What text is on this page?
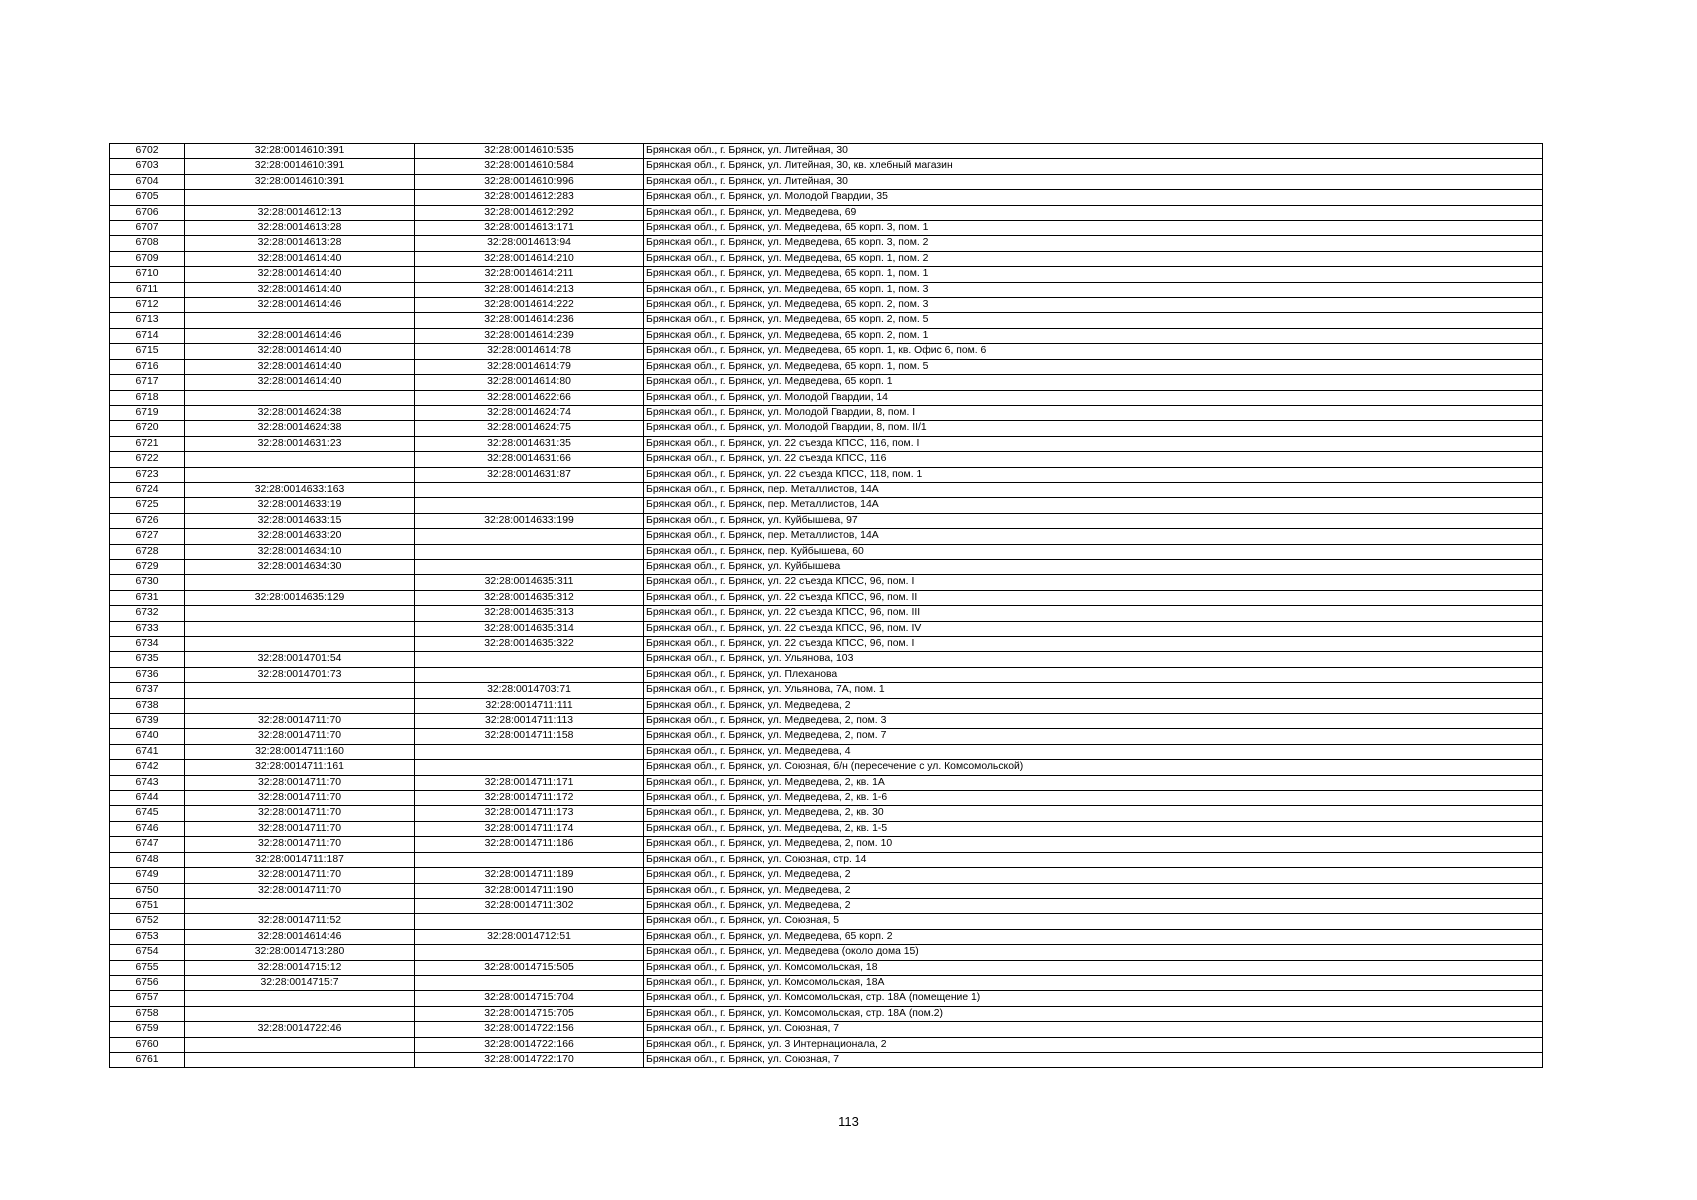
6702	32:28:0014610:391	32:28:0014610:535	Брянская обл., г. Брянск, ул. Литейная, 30
6703	32:28:0014610:391	32:28:0014610:584	Брянская обл., г. Брянск, ул. Литейная, 30, кв. хлебный магазин
6704	32:28:0014610:391	32:28:0014610:996	Брянская обл., г. Брянск, ул. Литейная, 30
6705		32:28:0014612:283	Брянская обл., г. Брянск, ул. Молодой Гвардии, 35
6706	32:28:0014612:13	32:28:0014612:292	Брянская обл., г. Брянск, ул. Медведева, 69
6707	32:28:0014613:28	32:28:0014613:171	Брянская обл., г. Брянск, ул. Медведева, 65 корп. 3, пом. 1
6708	32:28:0014613:28	32:28:0014613:94	Брянская обл., г. Брянск, ул. Медведева, 65 корп. 3, пом. 2
6709	32:28:0014614:40	32:28:0014614:210	Брянская обл., г. Брянск, ул. Медведева, 65 корп. 1, пом. 2
6710	32:28:0014614:40	32:28:0014614:211	Брянская обл., г. Брянск, ул. Медведева, 65 корп. 1, пом. 1
6711	32:28:0014614:40	32:28:0014614:213	Брянская обл., г. Брянск, ул. Медведева, 65 корп. 1, пом. 3
6712	32:28:0014614:46	32:28:0014614:222	Брянская обл., г. Брянск, ул. Медведева, 65 корп. 2, пом. 3
6713		32:28:0014614:236	Брянская обл., г. Брянск, ул. Медведева, 65 корп. 2, пом. 5
6714	32:28:0014614:46	32:28:0014614:239	Брянская обл., г. Брянск, ул. Медведева, 65 корп. 2, пом. 1
6715	32:28:0014614:40	32:28:0014614:78	Брянская обл., г. Брянск, ул. Медведева, 65 корп. 1, кв. Офис 6, пом. 6
6716	32:28:0014614:40	32:28:0014614:79	Брянская обл., г. Брянск, ул. Медведева, 65 корп. 1, пом. 5
6717	32:28:0014614:40	32:28:0014614:80	Брянская обл., г. Брянск, ул. Медведева, 65 корп. 1
6718		32:28:0014622:66	Брянская обл., г. Брянск, ул. Молодой Гвардии, 14
6719	32:28:0014624:38	32:28:0014624:74	Брянская обл., г. Брянск, ул. Молодой Гвардии, 8, пом. I
6720	32:28:0014624:38	32:28:0014624:75	Брянская обл., г. Брянск, ул. Молодой Гвардии, 8, пом. II/1
6721	32:28:0014631:23	32:28:0014631:35	Брянская обл., г. Брянск, ул. 22 съезда КПСС, 116, пом. I
6722		32:28:0014631:66	Брянская обл., г. Брянск, ул. 22 съезда КПСС, 116
6723		32:28:0014631:87	Брянская обл., г. Брянск, ул. 22 съезда КПСС, 118, пом. 1
6724	32:28:0014633:163		Брянская обл., г. Брянск, пер. Металлистов, 14А
6725	32:28:0014633:19		Брянская обл., г. Брянск, пер. Металлистов, 14А
6726	32:28:0014633:15	32:28:0014633:199	Брянская обл., г. Брянск, ул. Куйбышева, 97
6727	32:28:0014633:20		Брянская обл., г. Брянск, пер. Металлистов, 14А
6728	32:28:0014634:10		Брянская обл., г. Брянск, пер. Куйбышева, 60
6729	32:28:0014634:30		Брянская обл., г. Брянск, ул. Куйбышева
6730		32:28:0014635:311	Брянская обл., г. Брянск, ул. 22 съезда КПСС, 96, пом. I
6731	32:28:0014635:129	32:28:0014635:312	Брянская обл., г. Брянск, ул. 22 съезда КПСС, 96, пом. II
6732		32:28:0014635:313	Брянская обл., г. Брянск, ул. 22 съезда КПСС, 96, пом. III
6733		32:28:0014635:314	Брянская обл., г. Брянск, ул. 22 съезда КПСС, 96, пом. IV
6734		32:28:0014635:322	Брянская обл., г. Брянск, ул. 22 съезда КПСС, 96, пом. I
6735	32:28:0014701:54		Брянская обл., г. Брянск, ул. Ульянова, 103
6736	32:28:0014701:73		Брянская обл., г. Брянск, ул. Плеханова
6737		32:28:0014703:71	Брянская обл., г. Брянск, ул. Ульянова, 7А, пом. 1
6738		32:28:0014711:111	Брянская обл., г. Брянск, ул. Медведева, 2
6739	32:28:0014711:70	32:28:0014711:113	Брянская обл., г. Брянск, ул. Медведева, 2, пом. 3
6740	32:28:0014711:70	32:28:0014711:158	Брянская обл., г. Брянск, ул. Медведева, 2, пом. 7
6741	32:28:0014711:160		Брянская обл., г. Брянск, ул. Медведева, 4
6742	32:28:0014711:161		Брянская обл., г. Брянск, ул. Союзная, б/н (пересечение с ул. Комсомольской)
6743	32:28:0014711:70	32:28:0014711:171	Брянская обл., г. Брянск, ул. Медведева, 2, кв. 1А
6744	32:28:0014711:70	32:28:0014711:172	Брянская обл., г. Брянск, ул. Медведева, 2, кв. 1-6
6745	32:28:0014711:70	32:28:0014711:173	Брянская обл., г. Брянск, ул. Медведева, 2, кв. 30
6746	32:28:0014711:70	32:28:0014711:174	Брянская обл., г. Брянск, ул. Медведева, 2, кв. 1-5
6747	32:28:0014711:70	32:28:0014711:186	Брянская обл., г. Брянск, ул. Медведева, 2, пом. 10
6748	32:28:0014711:187		Брянская обл., г. Брянск, ул. Союзная, стр. 14
6749	32:28:0014711:70	32:28:0014711:189	Брянская обл., г. Брянск, ул. Медведева, 2
6750	32:28:0014711:70	32:28:0014711:190	Брянская обл., г. Брянск, ул. Медведева, 2
6751		32:28:0014711:302	Брянская обл., г. Брянск, ул. Медведева, 2
6752	32:28:0014711:52		Брянская обл., г. Брянск, ул. Союзная, 5
6753	32:28:0014614:46	32:28:0014712:51	Брянская обл., г. Брянск, ул. Медведева, 65 корп. 2
6754	32:28:0014713:280		Брянская обл., г. Брянск, ул. Медведева (около дома 15)
6755	32:28:0014715:12	32:28:0014715:505	Брянская обл., г. Брянск, ул. Комсомольская, 18
6756	32:28:0014715:7		Брянская обл., г. Брянск, ул. Комсомольская, 18А
6757		32:28:0014715:704	Брянская обл., г. Брянск, ул. Комсомольская, стр. 18А (помещение 1)
6758		32:28:0014715:705	Брянская обл., г. Брянск, ул. Комсомольская, стр. 18А (пом.2)
6759	32:28:0014722:46	32:28:0014722:156	Брянская обл., г. Брянск, ул. Союзная, 7
6760		32:28:0014722:166	Брянская обл., г. Брянск, ул. 3 Интернационала, 2
6761		32:28:0014722:170	Брянская обл., г. Брянск, ул. Союзная, 7
113
